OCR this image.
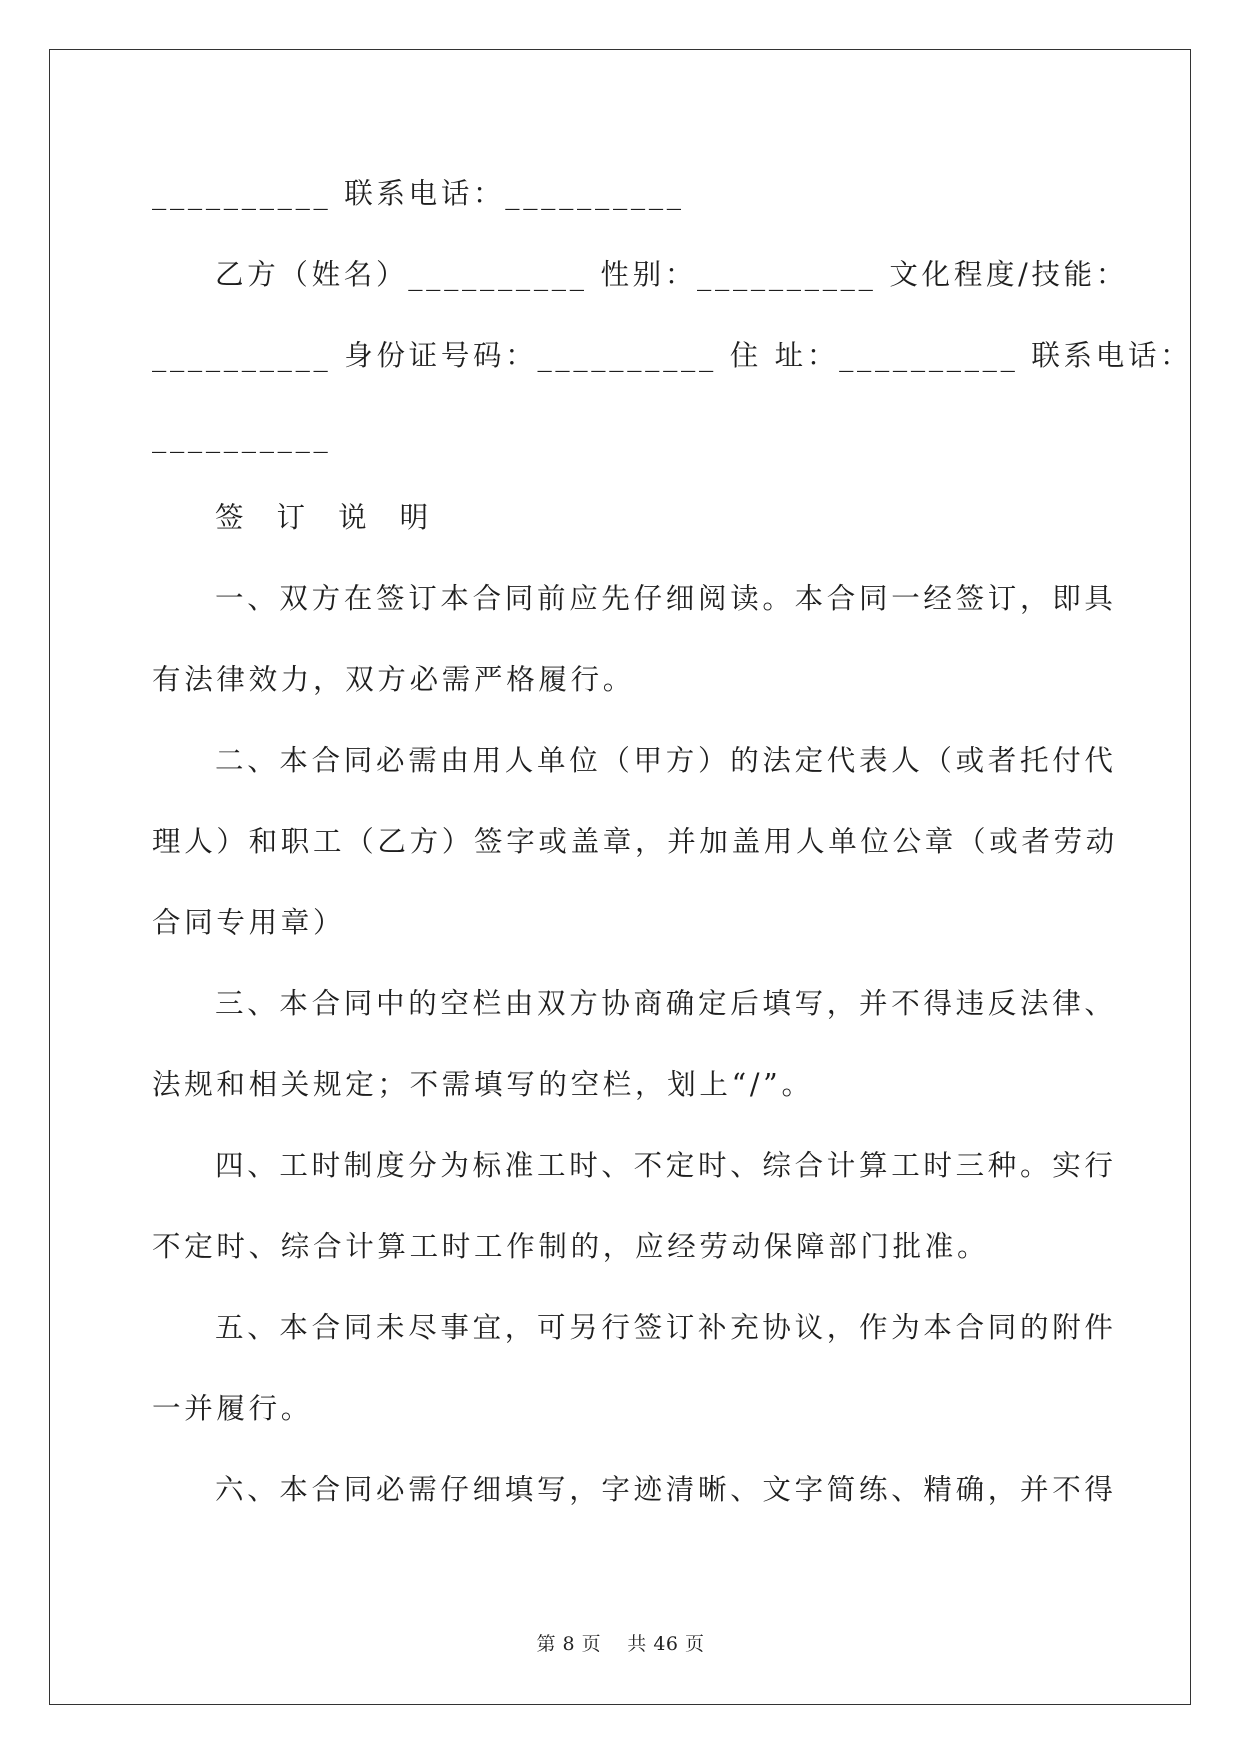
__________ 联系电话：__________
乙方（姓名）__________ 性别：__________ 文化程度/技能：
__________ 身份证号码：__________ 住 址：__________ 联系电话：
__________
签 订 说 明
一、双方在签订本合同前应先仔细阅读。本合同一经签订，即具
有法律效力，双方必需严格履行。
二、本合同必需由用人单位（甲方）的法定代表人（或者托付代
理人）和职工（乙方）签字或盖章，并加盖用人单位公章（或者劳动
合同专用章）
三、本合同中的空栏由双方协商确定后填写，并不得违反法律、
法规和相关规定；不需填写的空栏，划上“/”。
四、工时制度分为标准工时、不定时、综合计算工时三种。实行
不定时、综合计算工时工作制的，应经劳动保障部门批准。
五、本合同未尽事宜，可另行签订补充协议，作为本合同的附件
一并履行。
六、本合同必需仔细填写，字迹清晰、文字简练、精确，并不得
第 8 页    共 46 页
